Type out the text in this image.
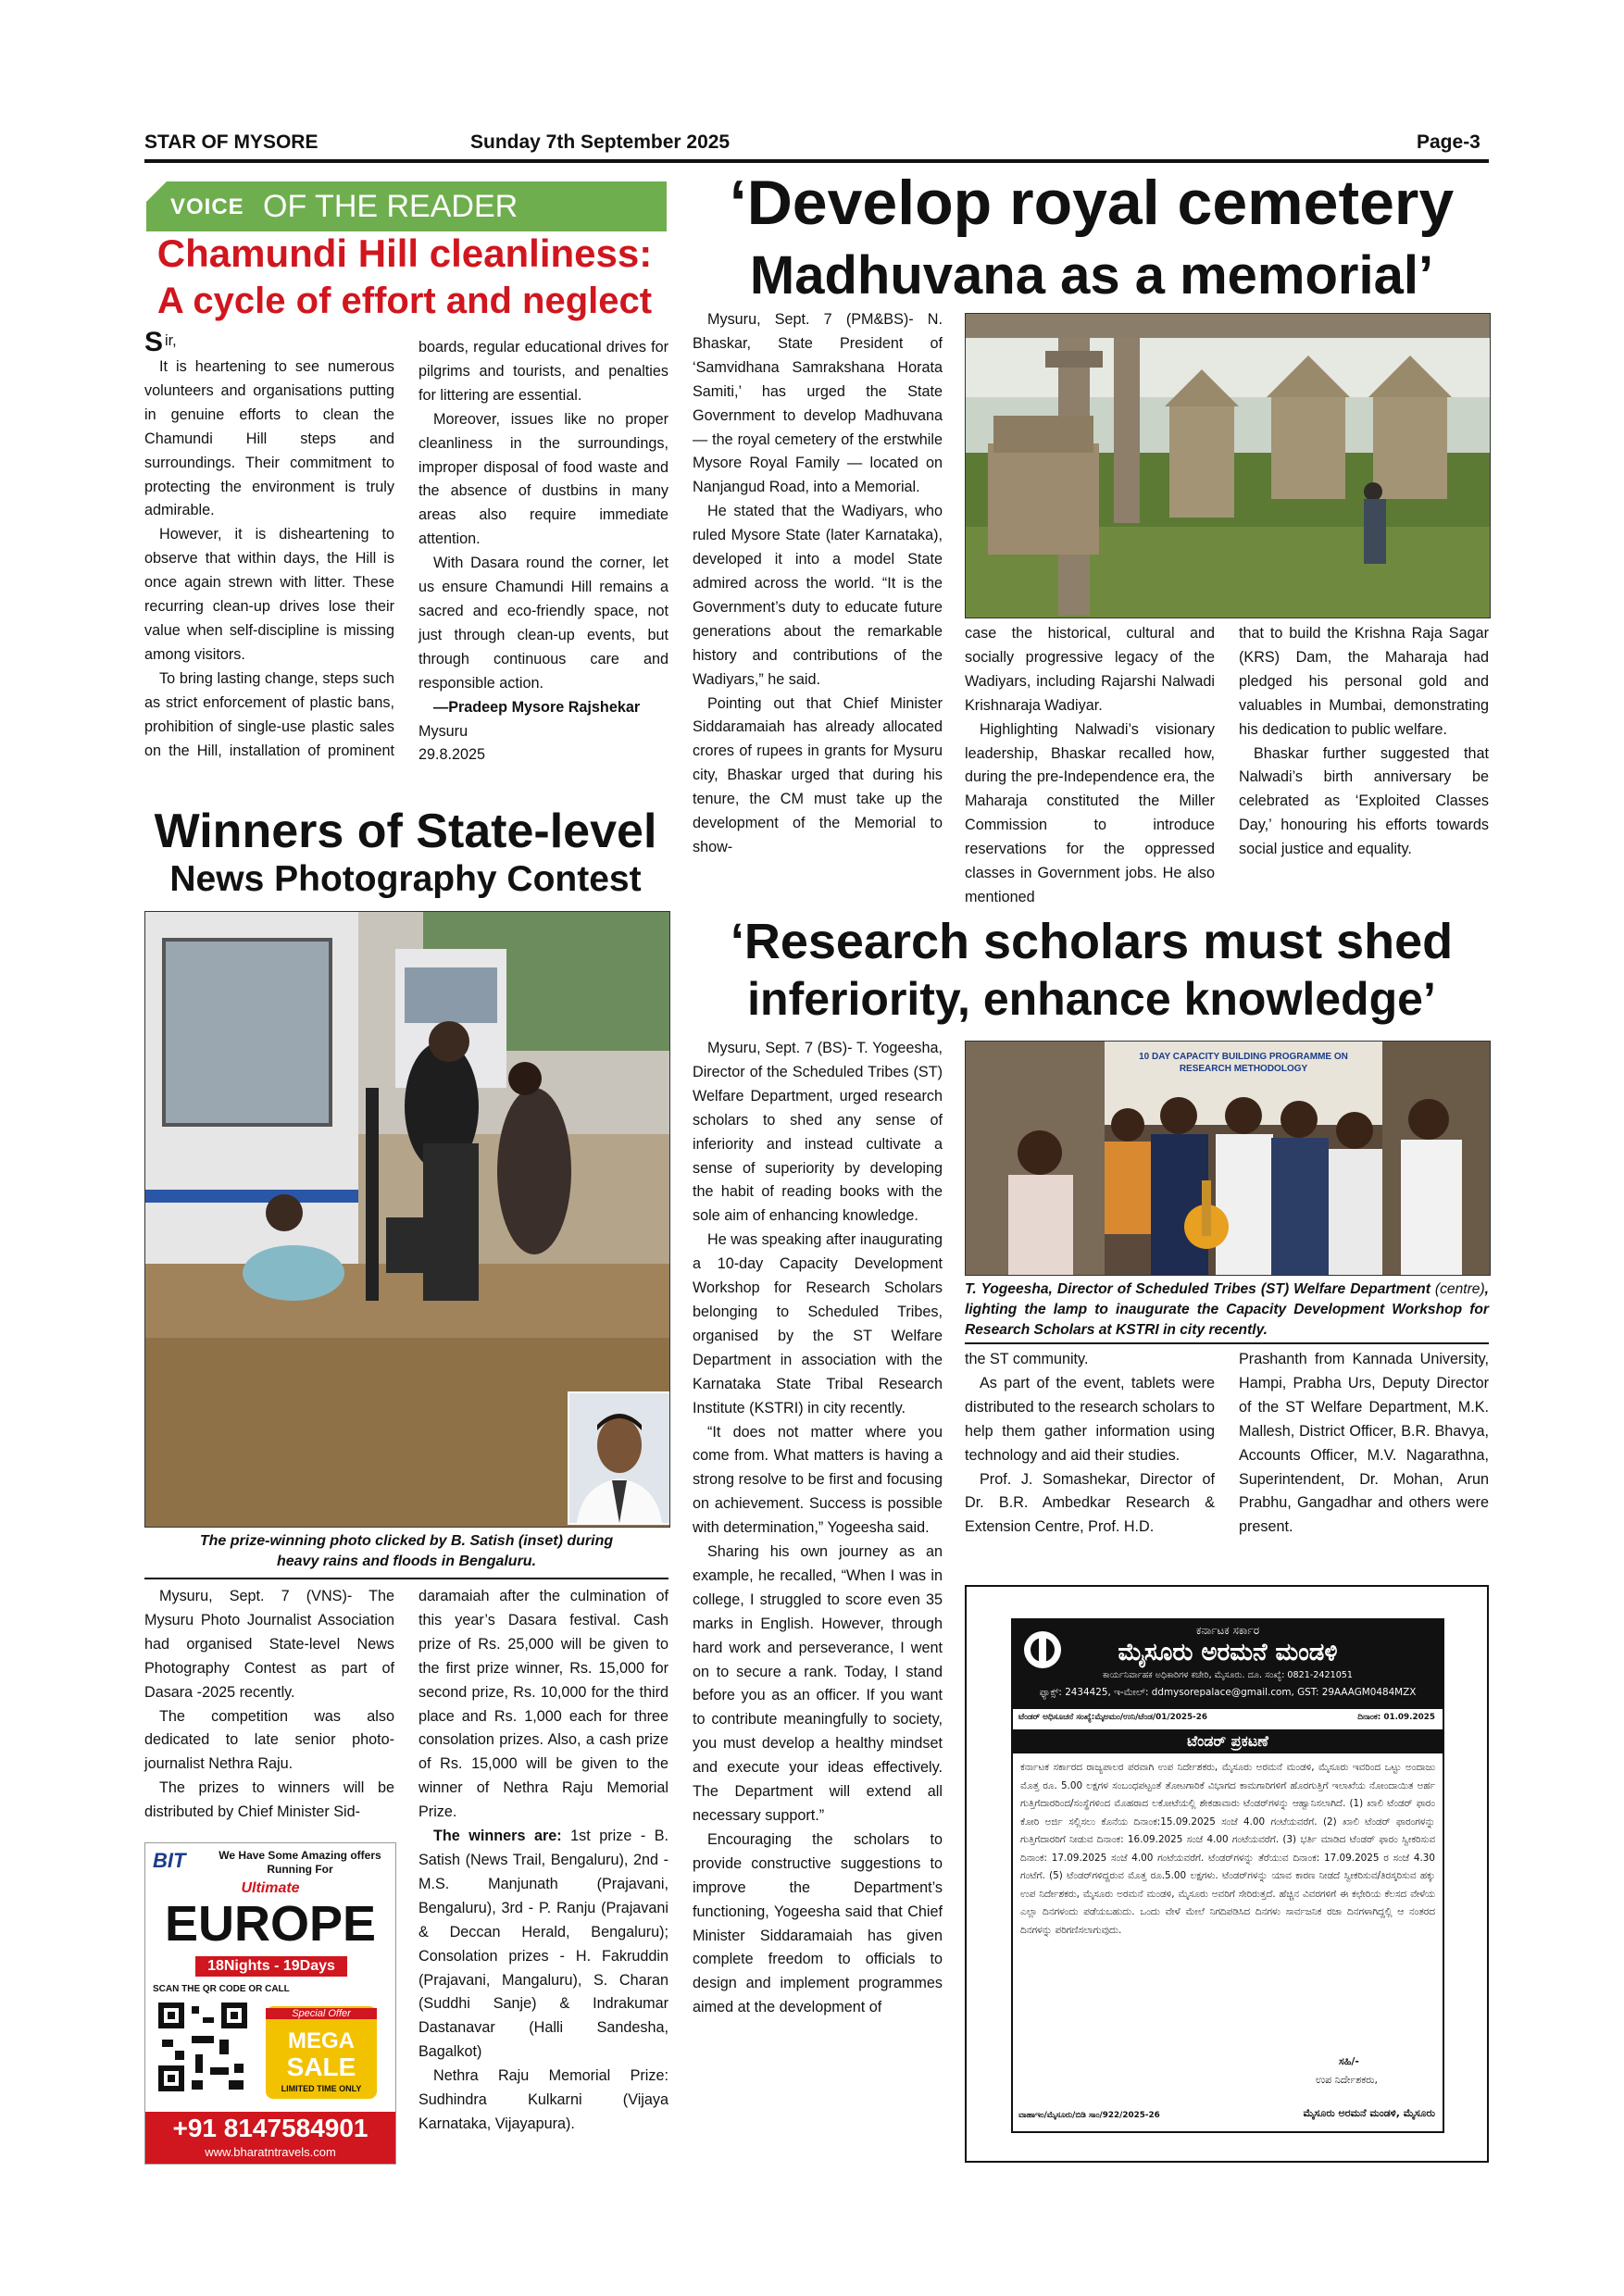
STAR OF MYSORE	Sunday 7th September 2025	Page-3
VOICE OF THE READER
Chamundi Hill cleanliness:
A cycle of effort and neglect

Sir,

It is heartening to see numerous volunteers and organisations putting in genuine efforts to clean the Chamundi Hill steps and surroundings. Their commitment to protecting the environment is truly admirable.

However, it is disheartening to observe that within days, the Hill is once again strewn with litter. These recurring clean-up drives lose their value when self-discipline is missing among visitors.

To bring lasting change, steps such as strict enforcement of plastic bans, prohibition of single-use plastic sales on the Hill, installation of prominent

boards, regular educational drives for pilgrims and tourists, and penalties for littering are essential.

Moreover, issues like no proper cleanliness in the surroundings, improper disposal of food waste and the absence of dustbins in many areas also require immediate attention.

With Dasara round the corner, let us ensure Chamundi Hill remains a sacred and eco-friendly space, not just through clean-up events, but through continuous care and responsible action.

—Pradeep Mysore Rajshekar

Mysuru

29.8.2025

Winners of State-level
News Photography Contest
The prize-winning photo clicked by B. Satish (inset) during
heavy rains and floods in Bengaluru.

Mysuru, Sept. 7 (VNS)- The Mysuru Photo Journalist Association had organised State-level News Photography Contest as part of Dasara -2025 recently.

The competition was also dedicated to late senior photo-journalist Nethra Raju.

The prizes to winners will be distributed by Chief Minister Sid-

daramaiah after the culmination of this year’s Dasara festival. Cash prize of Rs. 25,000 will be given to the first prize winner, Rs. 15,000 for second prize, Rs. 10,000 for the third place and Rs. 1,000 each for three consolation prizes. Also, a cash prize of Rs. 15,000 will be given to the winner of Nethra Raju Memorial Prize.

The winners are: 1st prize - B. Satish (News Trail, Bengaluru), 2nd - M.S. Manjunath (Prajavani, Bengaluru), 3rd - P. Ranju (Prajavani & Deccan Herald, Bengaluru); Consolation prizes - H. Fakruddin (Prajavani, Mangaluru), S. Charan (Suddhi Sanje) & Indrakumar Dastanavar (Halli Sandesha, Bagalkot)

Nethra Raju Memorial Prize: Sudhindra Kulkarni (Vijaya Karnataka, Vijayapura).

BIT	We Have Some Amazing offers Running For
Ultimate
EUROPE
18Nights - 19Days
SCAN THE QR CODE OR CALL
Special Offer
MEGA
SALE
LIMITED TIME ONLY
+91 8147584901
www.bharatntravels.com
‘Develop royal cemetery
Madhuvana as a memorial’

Mysuru, Sept. 7 (PM&BS)- N. Bhaskar, State President of ‘Samvidhana Samrakshana Horata Samiti,’ has urged the State Government to develop Madhuvana — the royal cemetery of the erstwhile Mysore Royal Family — located on Nanjangud Road, into a Memorial.

He stated that the Wadiyars, who ruled Mysore State (later Karnataka), developed it into a model State admired across the world. “It is the Government’s duty to educate future generations about the remarkable history and contributions of the Wadiyars,” he said.

Pointing out that Chief Minister Siddaramaiah has already allocated crores of rupees in grants for Mysuru city, Bhaskar urged that during his tenure, the CM must take up the development of the Memorial to show-

case the historical, cultural and socially progressive legacy of the Wadiyars, including Rajarshi Nalwadi Krishnaraja Wadiyar.

Highlighting Nalwadi’s visionary leadership, Bhaskar recalled how, during the pre-Independence era, the Maharaja constituted the Miller Commission to introduce reservations for the oppressed classes in Government jobs. He also mentioned

that to build the Krishna Raja Sagar (KRS) Dam, the Maharaja had pledged his personal gold and valuables in Mumbai, demonstrating his dedication to public welfare.

Bhaskar further suggested that Nalwadi’s birth anniversary be celebrated as ‘Exploited Classes Day,’ honouring his efforts towards social justice and equality.

‘Research scholars must shed
inferiority, enhance knowledge’

Mysuru, Sept. 7 (BS)- T. Yogeesha, Director of the Scheduled Tribes (ST) Welfare Department, urged research scholars to shed any sense of inferiority and instead cultivate a sense of superiority by developing the habit of reading books with the sole aim of enhancing knowledge.

He was speaking after inaugurating a 10-day Capacity Development Workshop for Research Scholars belonging to Scheduled Tribes, organised by the ST Welfare Department in association with the Karnataka State Tribal Research Institute (KSTRI) in city recently.

“It does not matter where you come from. What matters is having a strong resolve to be first and focusing on achievement. Success is possible with determination,” Yogeesha said.

Sharing his own journey as an example, he recalled, “When I was in college, I struggled to score even 35 marks in English. However, through hard work and perseverance, I went on to secure a rank. Today, I stand before you as an officer. If you want to contribute meaningfully to society, you must develop a healthy mindset and execute your ideas effectively. The Department will extend all necessary support.”

Encouraging the scholars to provide constructive suggestions to improve the Department’s functioning, Yogeesha said that Chief Minister Siddaramaiah has given complete freedom to officials to design and implement programmes aimed at the development of

10 DAY CAPACITY BUILDING PROGRAMME ON RESEARCH METHODOLOGY
T. Yogeesha, Director of Scheduled Tribes (ST) Welfare Department (centre), lighting the lamp to inaugurate the Capacity Development Workshop for Research Scholars at KSTRI in city recently.

the ST community.

As part of the event, tablets were distributed to the research scholars to help them gather information using technology and aid their studies.

Prof. J. Somashekar, Director of Dr. B.R. Ambedkar Research & Extension Centre, Prof. H.D.

Prashanth from Kannada University, Hampi, Prabha Urs, Deputy Director of the ST Welfare Department, M.K. Mallesh, District Officer, B.R. Bhavya, Accounts Officer, M.V. Nagarathna, Superintendent, Dr. Mohan, Arun Prabhu, Gangadhar and others were present.

ಕರ್ನಾಟಕ ಸರ್ಕಾರ
ಮೈಸೂರು ಅರಮನೆ ಮಂಡಳಿ
ಕಾರ್ಯನಿರ್ವಾಹಕ ಅಧಿಕಾರಿಗಳ ಕಚೇರಿ, ಮೈಸೂರು. ದೂ. ಸಂಖ್ಯೆ: 0821-2421051
ಫ್ಯಾಕ್ಸ್: 2434425, ಇ-ಮೇಲ್: ddmysorepalace@gmail.com, GST: 29AAAGM0484MZX
ಟೆಂಡರ್ ಅಧಿಸೂಚನೆ ಸಂಖ್ಯೆ:ಮೈಅಮಂ/ಉನಿ/ಟೆಂಡ/01/2025-26	ದಿನಾಂಕ: 01.09.2025
ಟೆಂಡರ್ ಪ್ರಕಟಣೆ
ಕರ್ನಾಟಕ ಸರ್ಕಾರದ ರಾಜ್ಯಪಾಲರ ಪರವಾಗಿ ಉಪ ನಿರ್ದೇಶಕರು, ಮೈಸೂರು ಅರಮನೆ ಮಂಡಳಿ, ಮೈಸೂರು ಇವರಿಂದ ಒಟ್ಟು ಅಂದಾಜು ಮೊತ್ತ ರೂ. 5.00 ಲಕ್ಷಗಳ ಸಂಬಂಧಪಟ್ಟಂತೆ ತೋಟಗಾರಿಕೆ ವಿಭಾಗದ ಕಾಮಗಾರಿಗಳಿಗೆ ಹೊರಗುತ್ತಿಗೆ ಇಲಾಖೆಯ ನೋಂದಾಯಿತ ಅರ್ಹ ಗುತ್ತಿಗೆದಾರರಿಂದ/ಸಂಸ್ಥೆಗಳಿಂದ ಮೊಹರಾದ ಲಕೋಟೆಯಲ್ಲಿ ಶೇಕಡಾವಾರು ಟೆಂಡರ್‌ಗಳನ್ನು ಆಹ್ವಾನಿಸಲಾಗಿದೆ. (1) ಖಾಲಿ ಟೆಂಡರ್ ಫಾರಂ ಕೋರಿ ಅರ್ಜಿ ಸಲ್ಲಿಸಲು ಕೊನೆಯ ದಿನಾಂಕ:15.09.2025 ಸಂಜೆ 4.00 ಗಂಟೆಯವರೆಗೆ. (2) ಖಾಲಿ ಟೆಂಡರ್ ಫಾರಂಗಳನ್ನು ಗುತ್ತಿಗೆದಾರರಿಗೆ ನೀಡುವ ದಿನಾಂಕ: 16.09.2025 ಸಂಜೆ 4.00 ಗಂಟೆಯವರೆಗೆ. (3) ಭರ್ತಿ ಮಾಡಿದ ಟೆಂಡರ್ ಫಾರಂ ಸ್ವೀಕರಿಸುವ ದಿನಾಂಕ: 17.09.2025 ಸಂಜೆ 4.00 ಗಂಟೆಯವರೆಗೆ. ಟೆಂಡರ್‌ಗಳನ್ನು ತೆರೆಯುವ ದಿನಾಂಕ: 17.09.2025 ರ ಸಂಜೆ 4.30 ಗಂಟೆಗೆ. (5) ಟೆಂಡರ್‌ಗಳಿದ್ದರುವ ಮೊತ್ತ ರೂ.5.00 ಲಕ್ಷಗಳು. ಟೆಂಡರ್‌ಗಳನ್ನು ಯಾವ ಕಾರಣ ನೀಡದೆ ಸ್ವೀಕರಿಸುವ/ತಿರಸ್ಕರಿಸುವ ಹಕ್ಕು ಉಪ ನಿರ್ದೇಶಕರು, ಮೈಸೂರು ಅರಮನೆ ಮಂಡಳಿ, ಮೈಸೂರು ಅವರಿಗೆ ಸೇರಿರುತ್ತದೆ. ಹೆಚ್ಚಿನ ವಿವರಗಳಿಗೆ ಈ ಕಛೇರಿಯ ಕೆಲಸದ ವೇಳೆಯ ಎಲ್ಲಾ ದಿನಗಳಂದು ಪಡೆಯಬಹುದು. ಒಂದು ವೇಳೆ ಮೇಲೆ ನಿಗದಿಪಡಿಸಿದ ದಿನಗಳು ಸಾರ್ವಜನಿಕ ರಜಾ ದಿನಗಳಾಗಿದ್ದಲ್ಲಿ ಆ ನಂತರದ ದಿನಗಳನ್ನು ಪರಿಗಣಿಸಲಾಗುವುದು.
ಸಹಿ/-
ಉಪ ನಿರ್ದೇಶಕರು,
ವಾಹಾಇಂ/ಮೈಸೂರು/ಬಿಡಿ ಸಾಂ/922/2025-26	ಮೈಸೂರು ಅರಮನೆ ಮಂಡಳಿ, ಮೈಸೂರು
